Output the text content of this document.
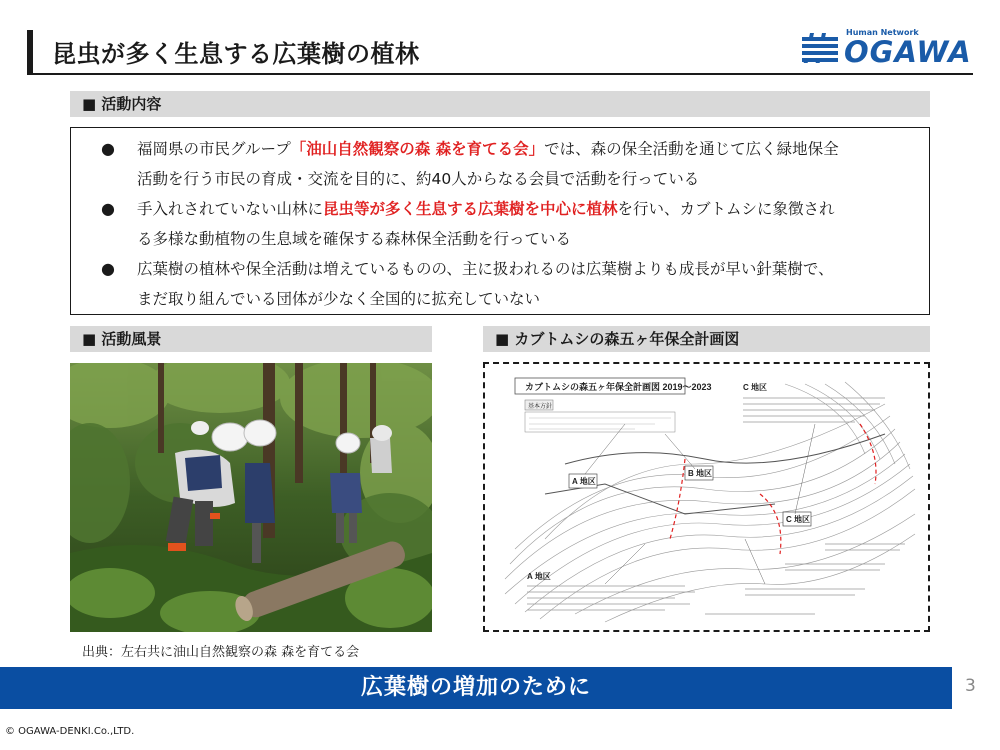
昆虫が多く生息する広葉樹の植林
Human Network
OGAWA
■ 活動内容
● 福岡県の市民グループ「油山自然観察の森 森を育てる会」では、森の保全活動を通じて広く緑地保全
活動を行う市民の育成・交流を目的に、約40人からなる会員で活動を行っている
● 手入れされていない山林に昆虫等が多く生息する広葉樹を中心に植林を行い、カブトムシに象徴され
る多様な動植物の生息域を確保する森林保全活動を行っている
● 広葉樹の植林や保全活動は増えているものの、主に扱われるのは広葉樹よりも成長が早い針葉樹で、
まだ取り組んでいる団体が少なく全国的に拡充していない
■ 活動風景	■ カブトムシの森五ヶ年保全計画図
カブトムシの森五ヶ年保全計画図 2019〜2023
基本方針
A 地区
B 地区
C 地区
C 地区
A 地区
出典：左右共に油山自然観察の森 森を育てる会
広葉樹の増加のために	3
© OGAWA-DENKI.Co.,LTD.
